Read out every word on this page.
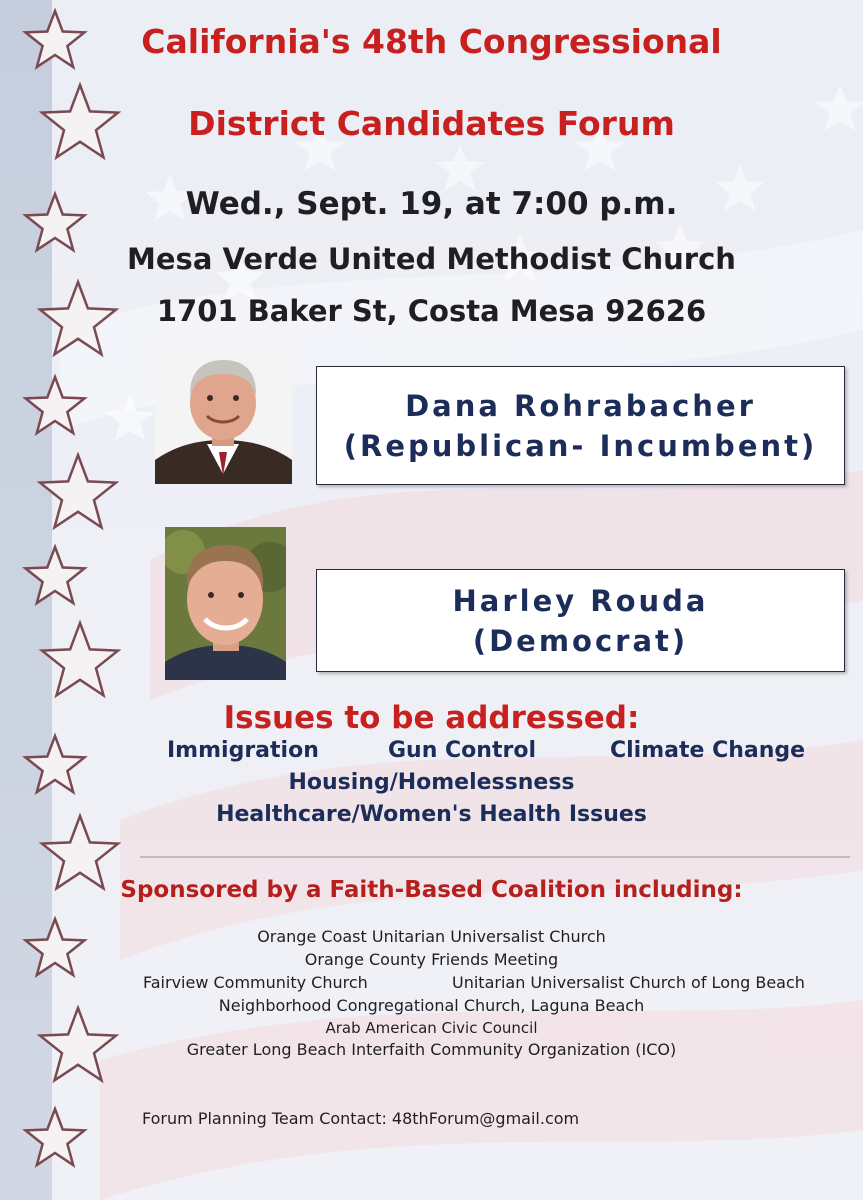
California's 48th Congressional
District Candidates Forum
Wed., Sept. 19, at 7:00 p.m.
Mesa Verde United Methodist Church
1701 Baker St, Costa Mesa 92626
Dana Rohrabacher
(Republican- Incumbent)
Harley Rouda
(Democrat)
Issues to be addressed:
Immigration	Gun Control	Climate Change
Housing/Homelessness
Healthcare/Women's Health Issues
Sponsored by a Faith-Based Coalition including:
Orange Coast Unitarian Universalist Church
Orange County Friends Meeting
Fairview Community Church	Unitarian Universalist Church of Long Beach
Neighborhood Congregational Church, Laguna Beach
Arab American Civic Council
Greater Long Beach Interfaith Community Organization (ICO)
Forum Planning Team Contact: 48thForum@gmail.com
